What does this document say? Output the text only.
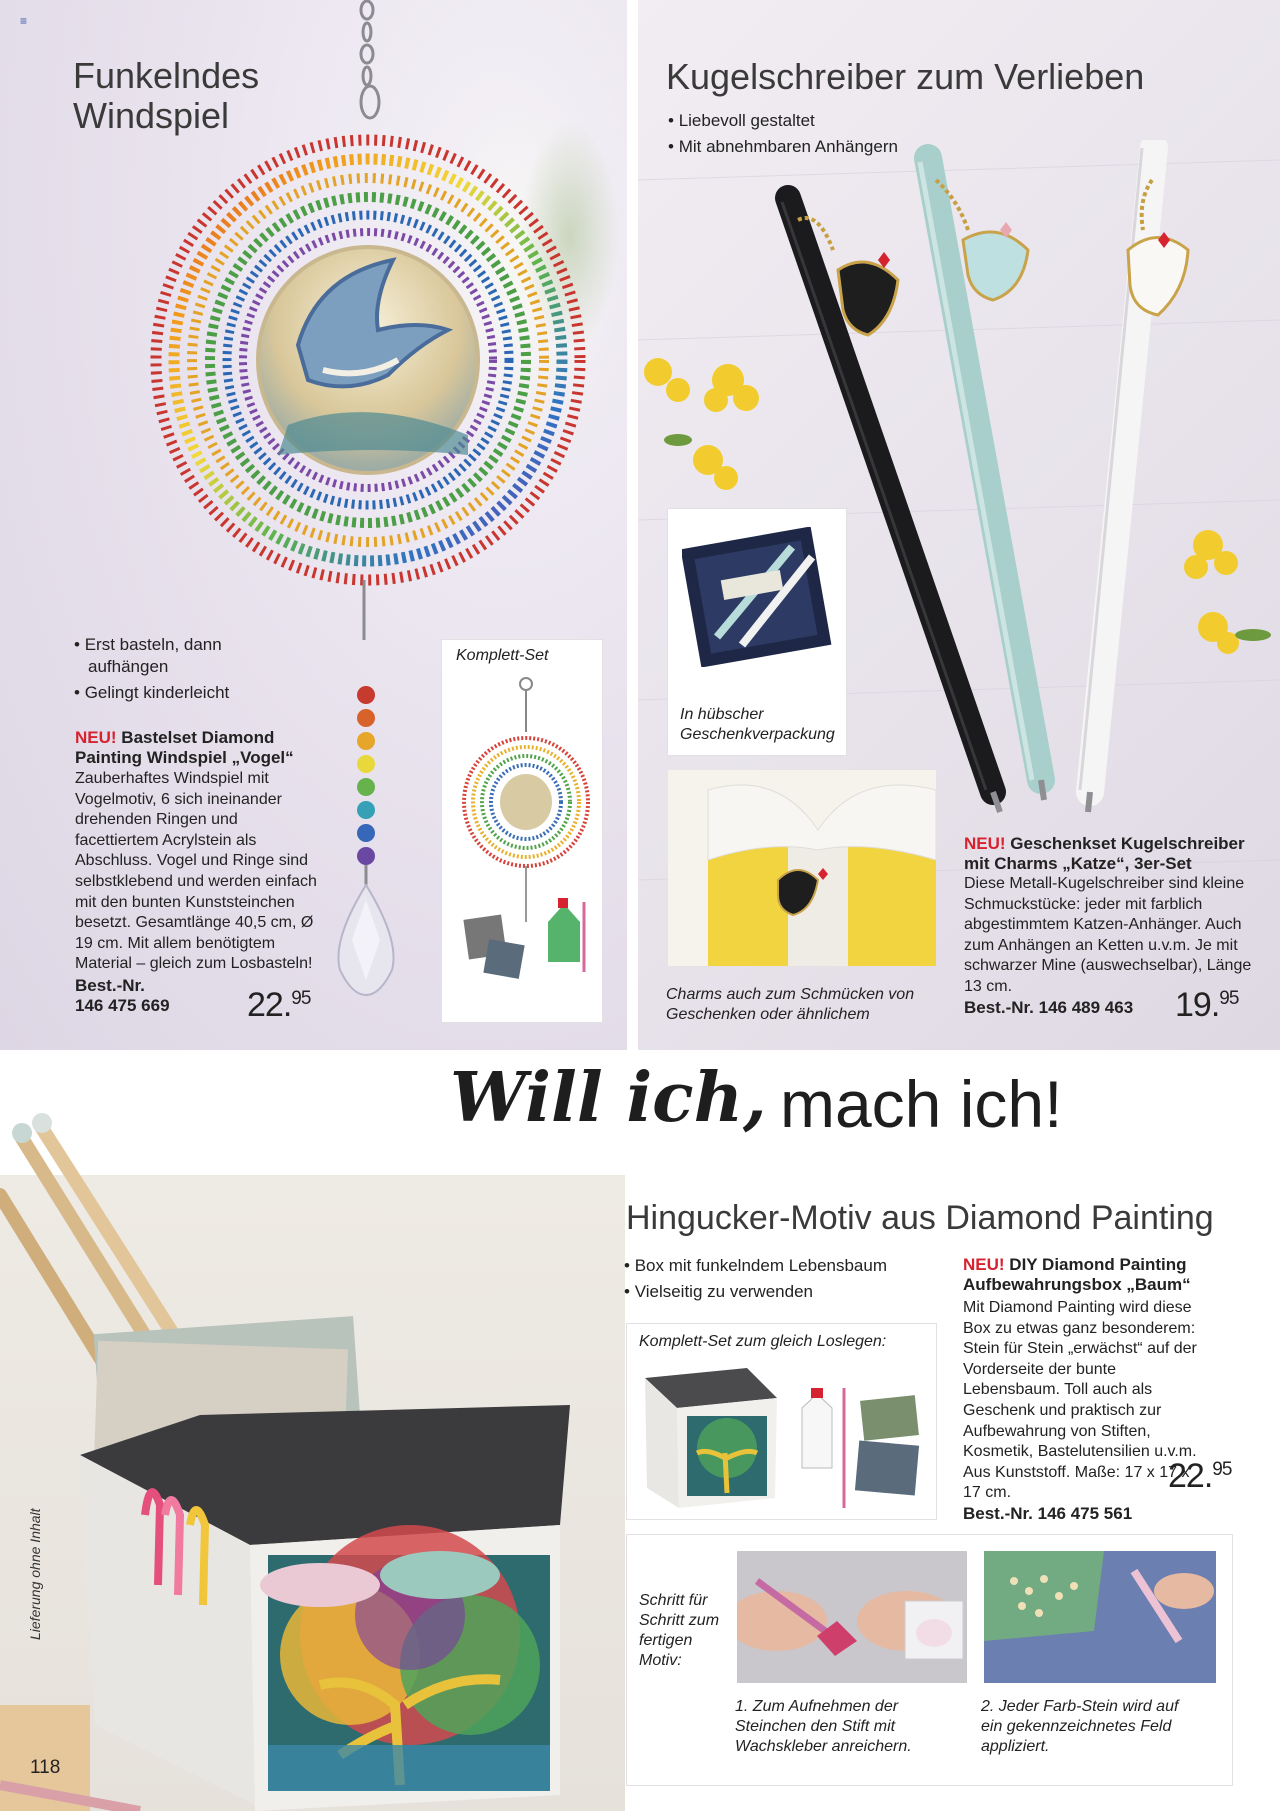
Funkelndes
Windspiel
• Erst basteln, dann aufhängen
• Gelingt kinderleicht
NEU! Bastelset Diamond Painting Windspiel „Vogel“
Zauberhaftes Windspiel mit Vogelmotiv, 6 sich ineinander drehenden Ringen und facettiertem Acrylstein als Abschluss. Vogel und Ringe sind selbstklebend und werden einfach mit den bunten Kunststeinchen besetzt. Gesamtlänge 40,5 cm, Ø 19 cm. Mit allem benötigtem Material – gleich zum Losbasteln!
Best.-Nr.
146 475 669	22.95
Komplett-Set
Kugelschreiber zum Verlieben
• Liebevoll gestaltet
• Mit abnehmbaren Anhängern
In hübscher Geschenkverpackung
Charms auch zum Schmücken von Geschenken oder ähnlichem
NEU! Geschenkset Kugelschreiber mit Charms „Katze“, 3er-Set
Diese Metall-Kugelschreiber sind kleine Schmuckstücke: jeder mit farblich abgestimmtem Katzen-Anhänger. Auch zum Anhängen an Ketten u.v.m. Je mit schwarzer Mine (auswechselbar), Länge 13 cm.
Best.-Nr. 146 489 463	19.95
≡
Will ich, mach ich!
Lieferung ohne Inhalt
118
Hingucker-Motiv aus Diamond Painting
• Box mit funkelndem Lebensbaum
• Vielseitig zu verwenden
Komplett-Set zum gleich Loslegen:
NEU! DIY Diamond Painting Aufbewahrungsbox „Baum“
Mit Diamond Painting wird diese Box zu etwas ganz besonderem: Stein für Stein „erwächst“ auf der Vorderseite der bunte Lebensbaum. Toll auch als Geschenk und praktisch zur Aufbewahrung von Stiften, Kosmetik, Bastelutensilien u.v.m. Aus Kunststoff. Maße: 17 x 17 x 17 cm.
Best.-Nr. 146 475 561
22.95
Schritt für Schritt zum fertigen Motiv:
1. Zum Aufnehmen der Steinchen den Stift mit Wachskleber anreichern.
2. Jeder Farb-Stein wird auf ein gekennzeichnetes Feld appliziert.
